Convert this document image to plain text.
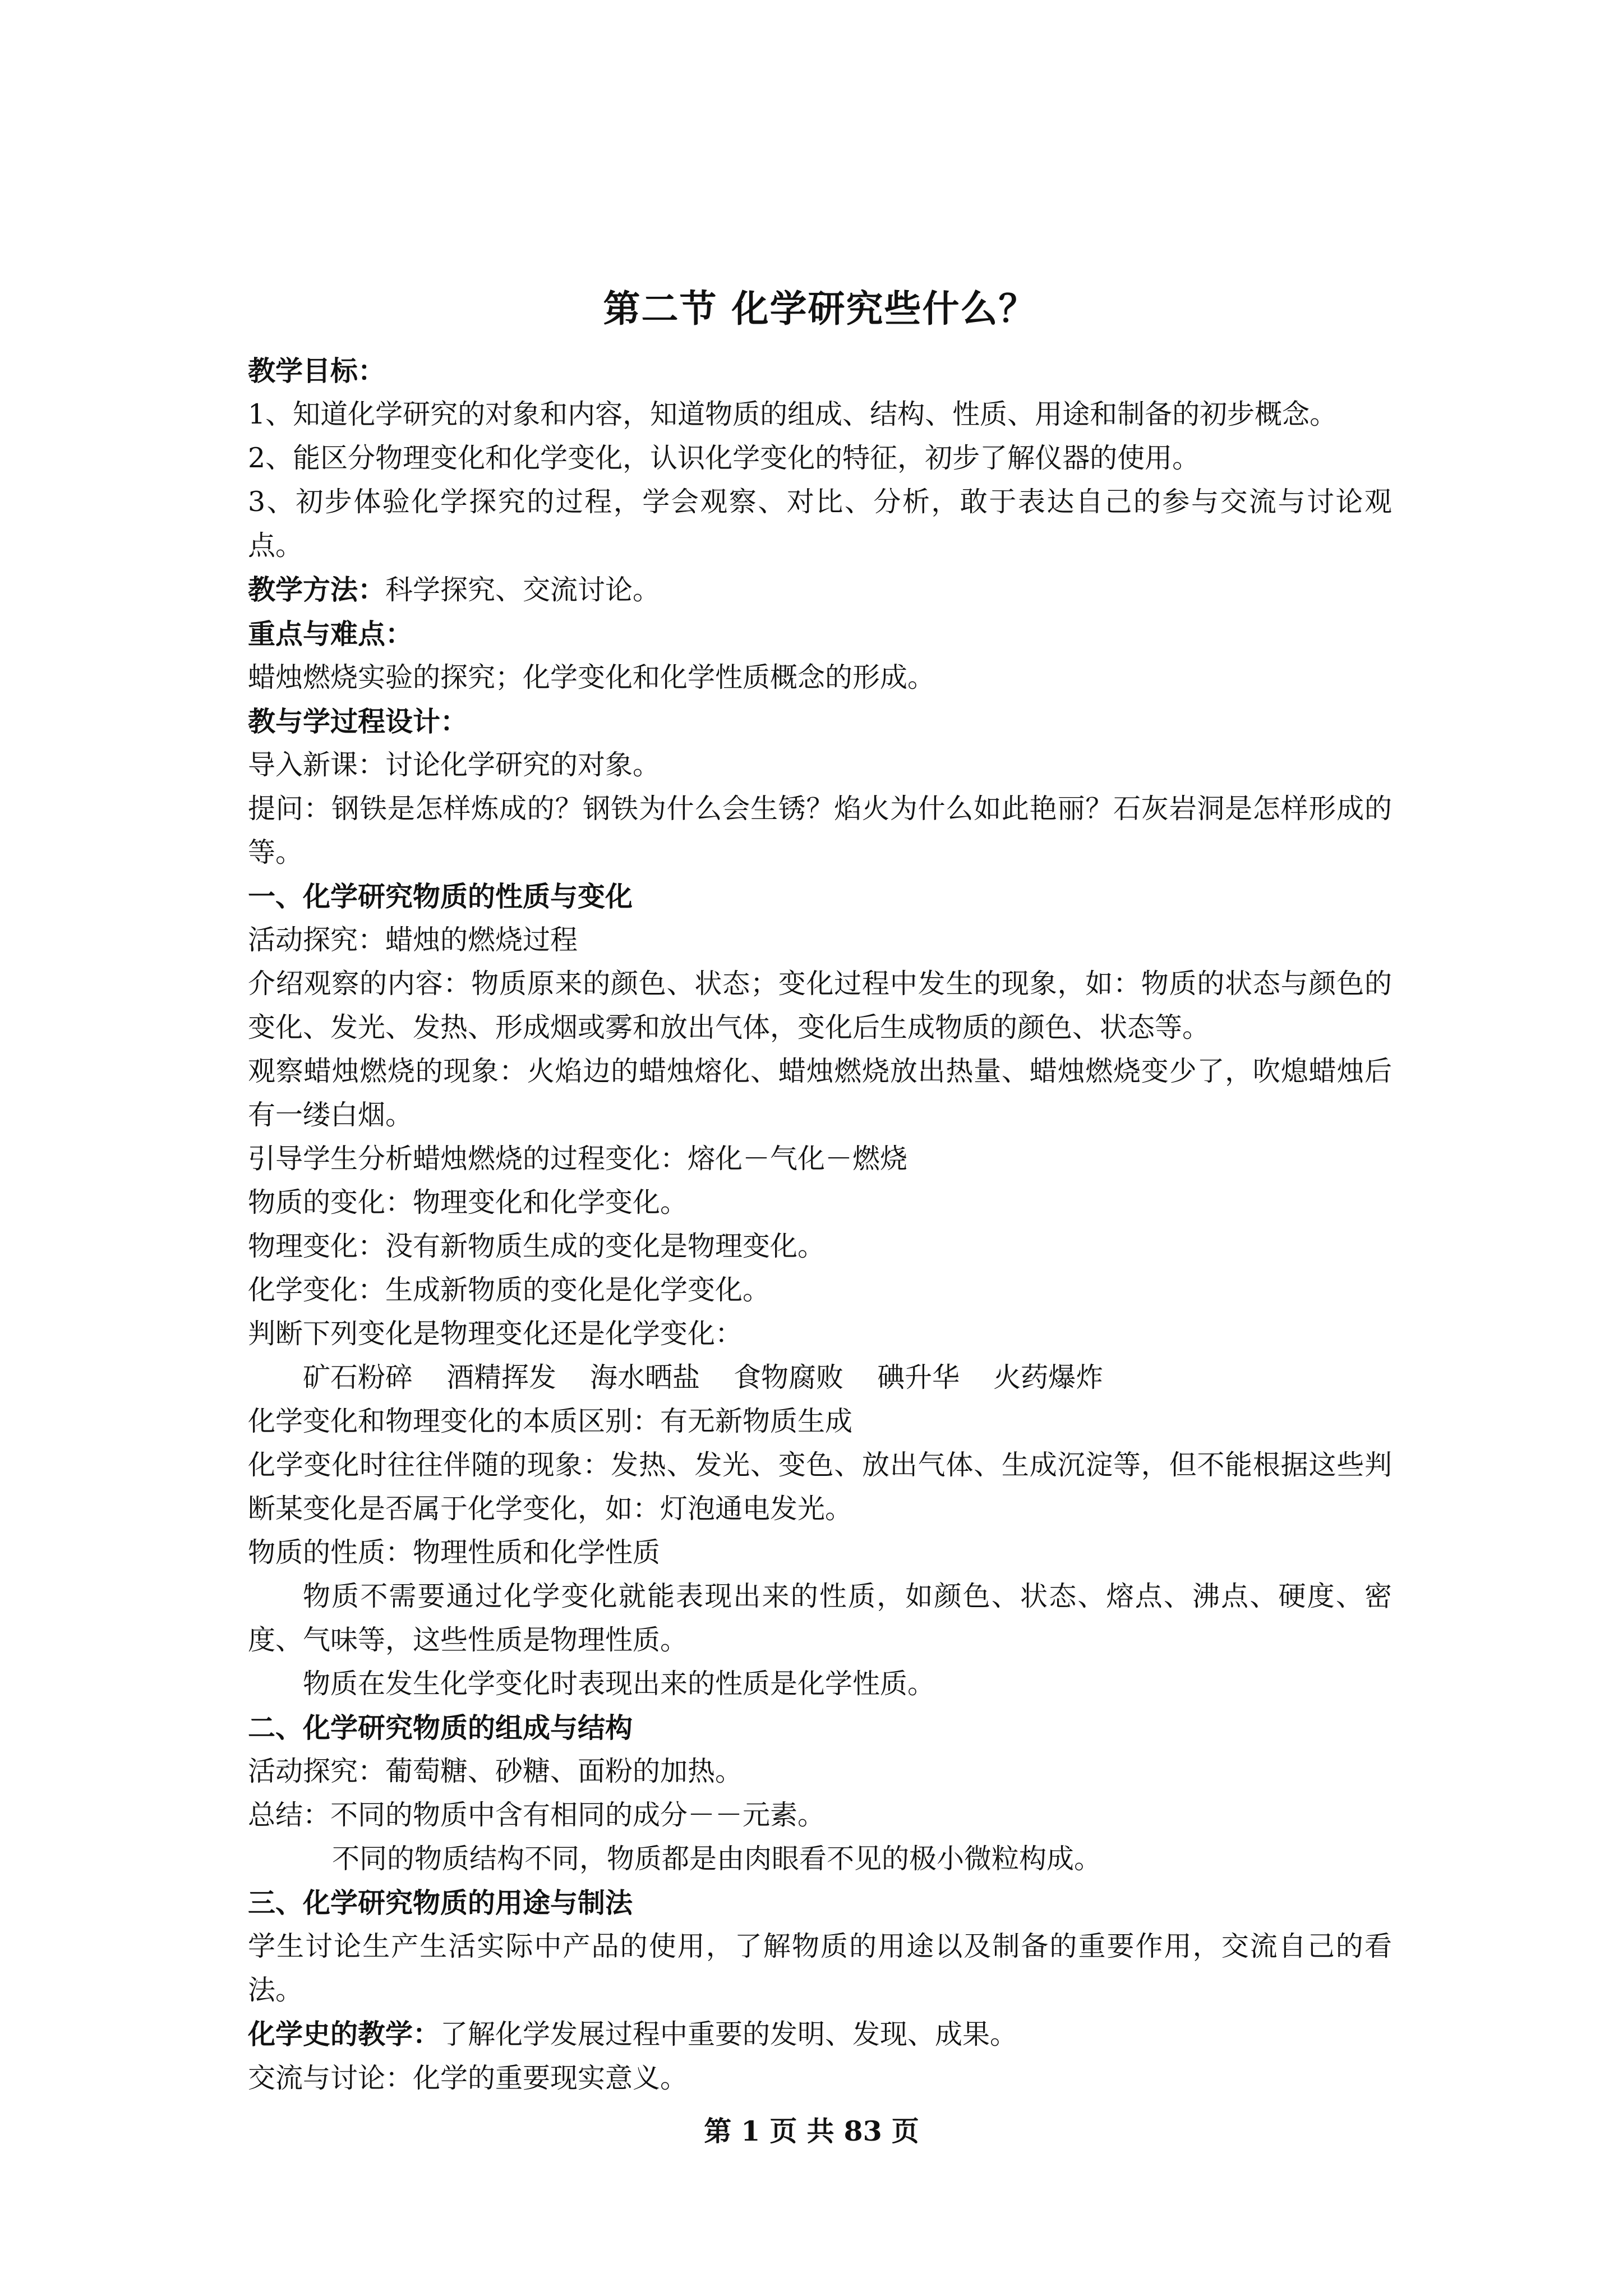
第二节 化学研究些什么？
教学目标：
1、知道化学研究的对象和内容，知道物质的组成、结构、性质、用途和制备的初步概念。
2、能区分物理变化和化学变化，认识化学变化的特征，初步了解仪器的使用。
3、初步体验化学探究的过程，学会观察、对比、分析，敢于表达自己的参与交流与讨论观点。
教学方法：科学探究、交流讨论。
重点与难点：
蜡烛燃烧实验的探究；化学变化和化学性质概念的形成。
教与学过程设计：
导入新课：讨论化学研究的对象。
提问：钢铁是怎样炼成的？钢铁为什么会生锈？焰火为什么如此艳丽？石灰岩洞是怎样形成的等。
一、化学研究物质的性质与变化
活动探究：蜡烛的燃烧过程
介绍观察的内容：物质原来的颜色、状态；变化过程中发生的现象，如：物质的状态与颜色的变化、发光、发热、形成烟或雾和放出气体，变化后生成物质的颜色、状态等。
观察蜡烛燃烧的现象：火焰边的蜡烛熔化、蜡烛燃烧放出热量、蜡烛燃烧变少了，吹熄蜡烛后有一缕白烟。
引导学生分析蜡烛燃烧的过程变化：熔化－气化－燃烧
物质的变化：物理变化和化学变化。
物理变化：没有新物质生成的变化是物理变化。
化学变化：生成新物质的变化是化学变化。
判断下列变化是物理变化还是化学变化：
矿石粉碎 酒精挥发 海水晒盐 食物腐败 碘升华 火药爆炸
化学变化和物理变化的本质区别：有无新物质生成
化学变化时往往伴随的现象：发热、发光、变色、放出气体、生成沉淀等，但不能根据这些判断某变化是否属于化学变化，如：灯泡通电发光。
物质的性质：物理性质和化学性质
物质不需要通过化学变化就能表现出来的性质，如颜色、状态、熔点、沸点、硬度、密度、气味等，这些性质是物理性质。
物质在发生化学变化时表现出来的性质是化学性质。
二、化学研究物质的组成与结构
活动探究：葡萄糖、砂糖、面粉的加热。
总结：不同的物质中含有相同的成分－－元素。
不同的物质结构不同，物质都是由肉眼看不见的极小微粒构成。
三、化学研究物质的用途与制法
学生讨论生产生活实际中产品的使用，了解物质的用途以及制备的重要作用，交流自己的看法。
化学史的教学：了解化学发展过程中重要的发明、发现、成果。
交流与讨论：化学的重要现实意义。
第 1 页 共 83 页
